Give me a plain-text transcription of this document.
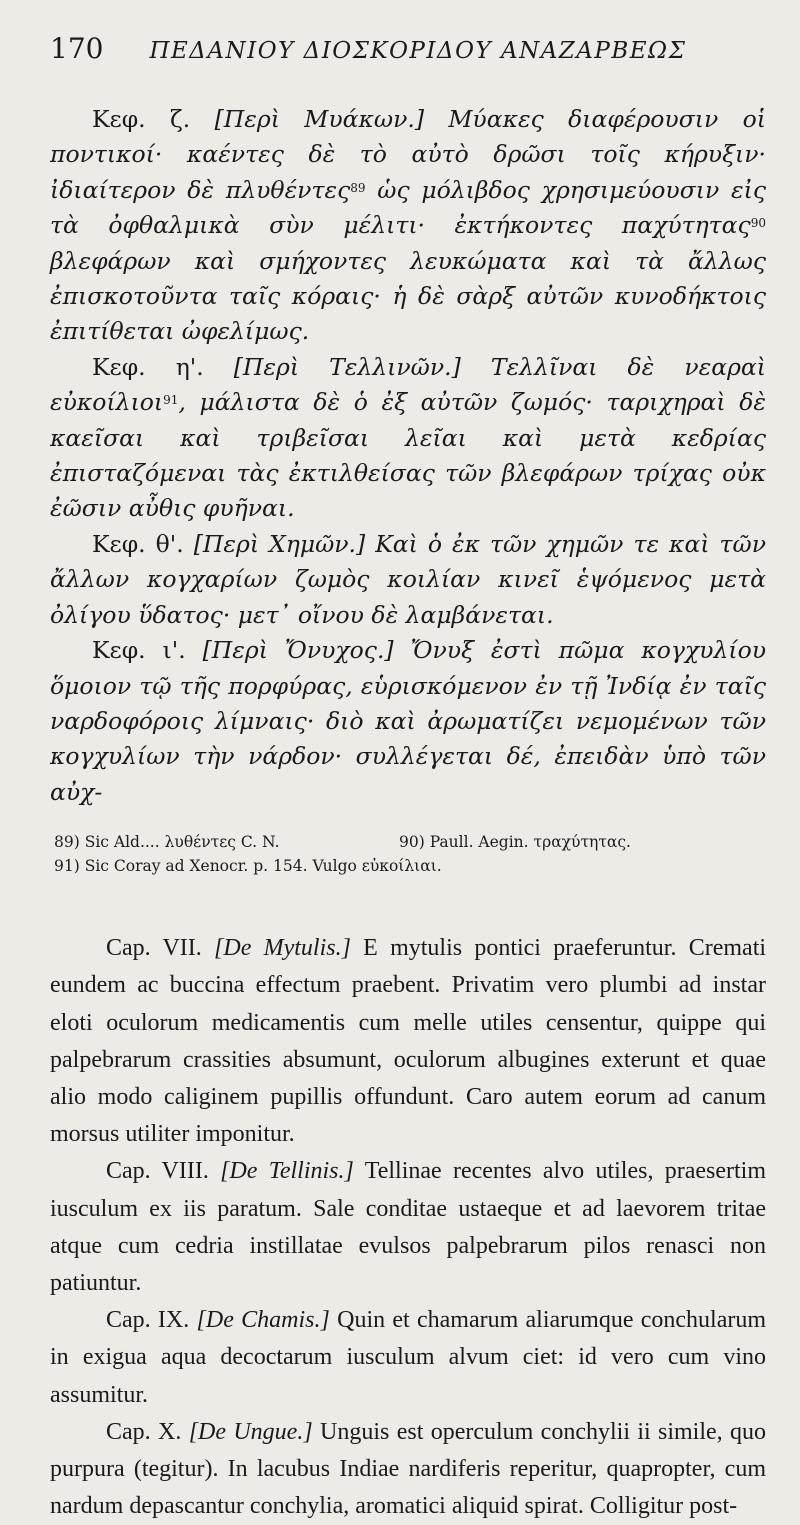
170 ΠΕΔΑΝΙΟΥ ΔΙΟΣΚΟΡΙΔΟΥ ΑΝΑΖΑΡΒΕΩΣ

Κεφ. ζ. [Περὶ Μυάκων.] Μύακες διαφέρουσιν οἱ ποντικοί· καέντες δὲ τὸ αὐτὸ δρῶσι τοῖς κήρυξιν· ἰδιαίτερον δὲ πλυθέντες$^{89}$ ὡς μόλιβδος χρησιμεύουσιν εἰς τὰ ὀφθαλμικὰ σὺν μέλιτι· ἐκτήκοντες παχύτητας$^{90}$ βλεφάρων καὶ σμήχοντες λευκώματα καὶ τὰ ἄλλως ἐπισκοτοῦντα ταῖς κόραις· ἡ δὲ σὰρξ αὐτῶν κυνοδήκτοις ἐπιτίθεται ὠφελίμως.

Κεφ. η'. [Περὶ Τελλινῶν.] Τελλῖναι δὲ νεαραὶ εὐκοίλιοι$^{91}$, μάλιστα δὲ ὁ ἐξ αὐτῶν ζωμός· ταριχηραὶ δὲ καεῖσαι καὶ τριβεῖσαι λεῖαι καὶ μετὰ κεδρίας ἐπισταζόμεναι τὰς ἐκτιλθείσας τῶν βλεφάρων τρίχας οὐκ ἐῶσιν αὖθις φυῆναι.

Κεφ. θ'. [Περὶ Χημῶν.] Καὶ ὁ ἐκ τῶν χημῶν τε καὶ τῶν ἄλλων κογχαρίων ζωμὸς κοιλίαν κινεῖ ἑψόμενος μετὰ ὀλίγου ὕδατος· μετ᾽ οἴνου δὲ λαμβάνεται.

Κεφ. ι'. [Περὶ Ὄνυχος.] Ὄνυξ ἐστὶ πῶμα κογχυλίου ὅμοιον τῷ τῆς πορφύρας, εὑρισκόμενον ἐν τῇ Ἰνδίᾳ ἐν ταῖς ναρδοφόροις λίμναις· διὸ καὶ ἀρωματίζει νεμομένων τῶν κογχυλίων τὴν νάρδον· συλλέγεται δέ, ἐπειδὰν ὑπὸ τῶν αὐχ-

89) Sic Ald.... λυθέντες C. N.	90) Paull. Aegin. τραχύτητας.
91) Sic Coray ad Xenocr. p. 154. Vulgo εὐκοίλιαι.

Cap. VII. [De Mytulis.] E mytulis pontici praeferuntur. Cremati eundem ac buccina effectum praebent. Privatim vero plumbi ad instar eloti oculorum medicamentis cum melle utiles censentur, quippe qui palpebrarum crassities absumunt, oculorum albugines exterunt et quae alio modo caliginem pupillis offundunt. Caro autem eorum ad canum morsus utiliter imponitur.

Cap. VIII. [De Tellinis.] Tellinae recentes alvo utiles, praesertim iusculum ex iis paratum. Sale conditae ustaeque et ad laevorem tritae atque cum cedria instillatae evulsos palpebrarum pilos renasci non patiuntur.

Cap. IX. [De Chamis.] Quin et chamarum aliarumque conchularum in exigua aqua decoctarum iusculum alvum ciet: id vero cum vino assumitur.

Cap. X. [De Ungue.] Unguis est operculum conchylii ii simile, quo purpura (tegitur). In lacubus Indiae nardiferis reperitur, quapropter, cum nardum depascantur conchylia, aromatici aliquid spirat. Colligitur post-
